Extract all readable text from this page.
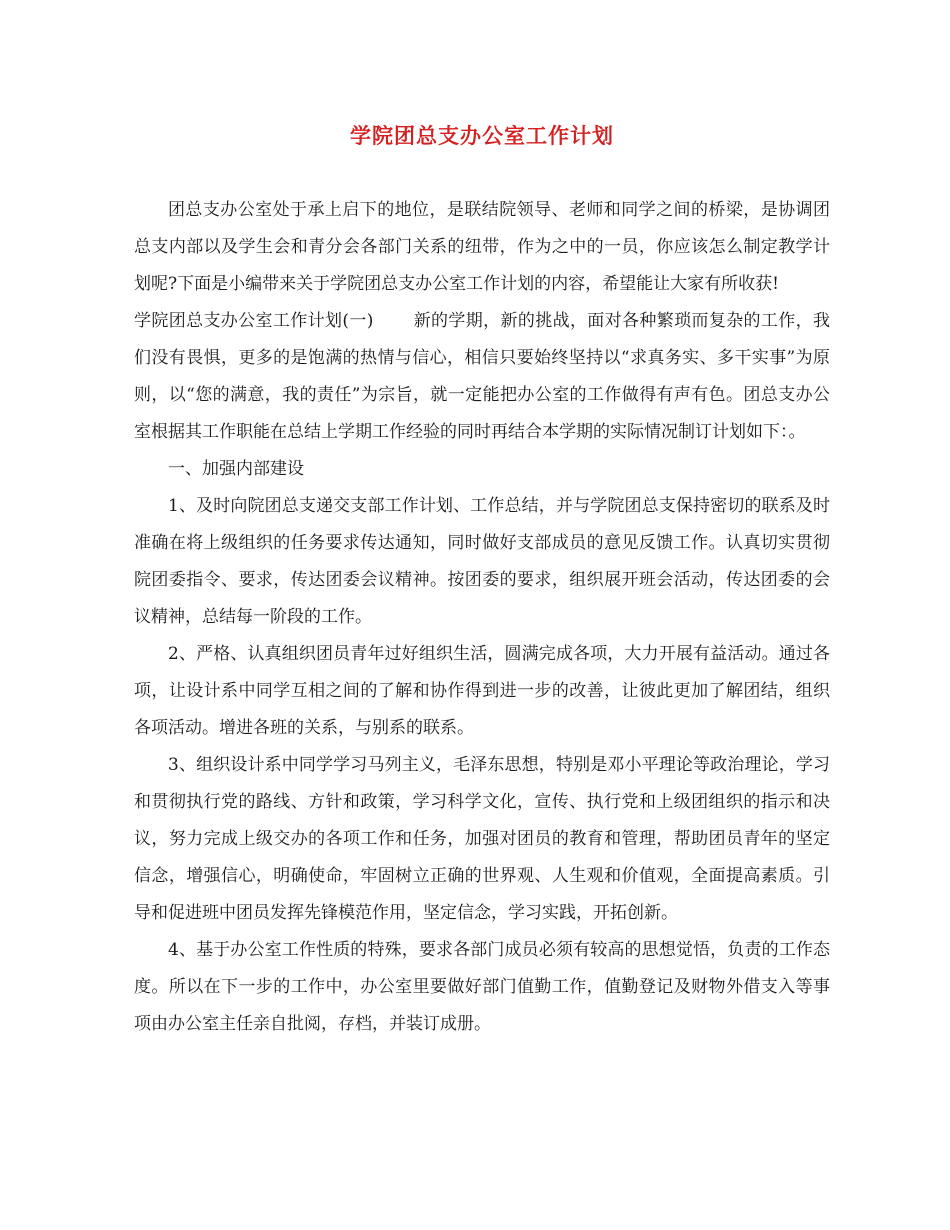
学院团总支办公室工作计划

团总支办公室处于承上启下的地位，是联结院领导、老师和同学之间的桥梁，是协调团总支内部以及学生会和青分会各部门关系的纽带，作为之中的一员，你应该怎么制定教学计划呢?下面是小编带来关于学院团总支办公室工作计划的内容，希望能让大家有所收获!

学院团总支办公室工作计划(一) 新的学期，新的挑战，面对各种繁琐而复杂的工作，我们没有畏惧，更多的是饱满的热情与信心，相信只要始终坚持以“求真务实、多干实事”为原则，以“您的满意，我的责任”为宗旨，就一定能把办公室的工作做得有声有色。团总支办公室根据其工作职能在总结上学期工作经验的同时再结合本学期的实际情况制订计划如下：。

一、加强内部建设

1、及时向院团总支递交支部工作计划、工作总结，并与学院团总支保持密切的联系及时准确在将上级组织的任务要求传达通知，同时做好支部成员的意见反馈工作。认真切实贯彻院团委指令、要求，传达团委会议精神。按团委的要求，组织展开班会活动，传达团委的会议精神，总结每一阶段的工作。

2、严格、认真组织团员青年过好组织生活，圆满完成各项，大力开展有益活动。通过各项，让设计系中同学互相之间的了解和协作得到进一步的改善，让彼此更加了解团结，组织各项活动。增进各班的关系，与别系的联系。

3、组织设计系中同学学习马列主义，毛泽东思想，特别是邓小平理论等政治理论，学习和贯彻执行党的路线、方针和政策，学习科学文化，宣传、执行党和上级团组织的指示和决议，努力完成上级交办的各项工作和任务，加强对团员的教育和管理，帮助团员青年的坚定信念，增强信心，明确使命，牢固树立正确的世界观、人生观和价值观，全面提高素质。引导和促进班中团员发挥先锋模范作用，坚定信念，学习实践，开拓创新。

4、基于办公室工作性质的特殊，要求各部门成员必须有较高的思想觉悟，负责的工作态度。所以在下一步的工作中，办公室里要做好部门值勤工作，值勤登记及财物外借支入等事项由办公室主任亲自批阅，存档，并装订成册。
